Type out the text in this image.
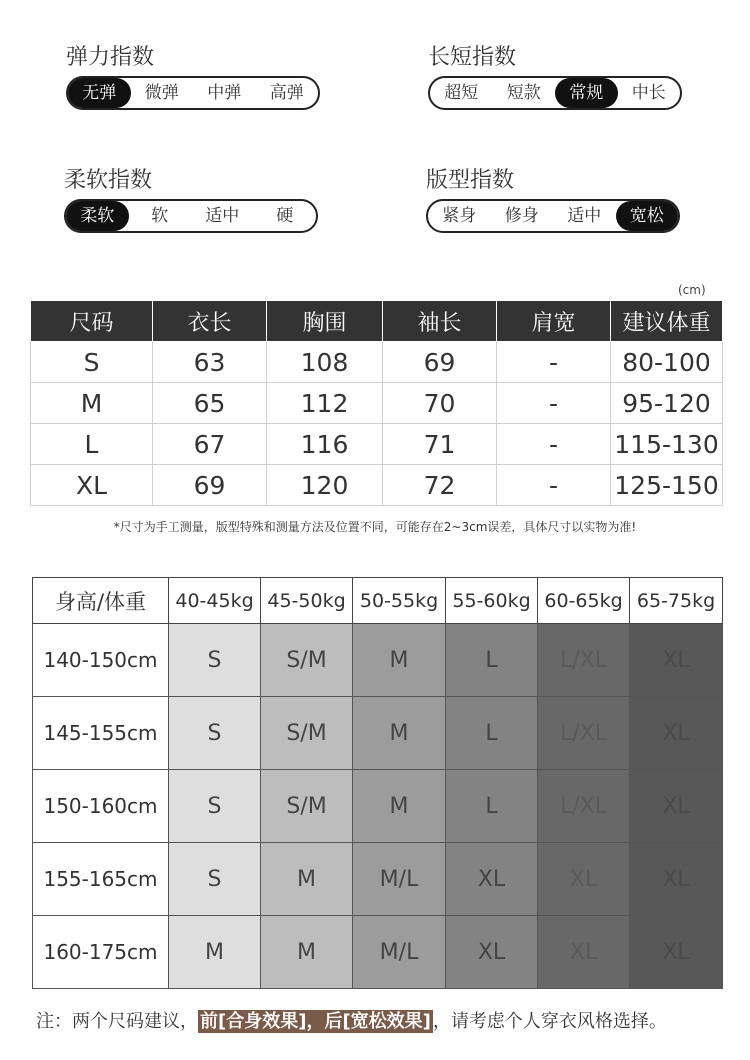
弹力指数
无弹	微弹	中弹	高弹
长短指数
超短	短款	常规	中长
柔软指数
柔软	软	适中	硬
版型指数
紧身	修身	适中	宽松
(cm)
尺码	衣长	胸围	袖长	肩宽	建议体重
S	63	108	69	-	80-100
M	65	112	70	-	95-120
L	67	116	71	-	115-130
XL	69	120	72	-	125-150
*尺寸为手工测量，版型特殊和测量方法及位置不同，可能存在2~3cm误差，具体尺寸以实物为准!
身高/体重	40-45kg	45-50kg	50-55kg	55-60kg	60-65kg	65-75kg
140-150cm	S	S/M	M	L	L/XL	XL
145-155cm	S	S/M	M	L	L/XL	XL
150-160cm	S	S/M	M	L	L/XL	XL
155-165cm	S	M	M/L	XL	XL	XL
160-175cm	M	M	M/L	XL	XL	XL
注：两个尺码建议， 前[合身效果]，后[宽松效果] ，请考虑个人穿衣风格选择。
